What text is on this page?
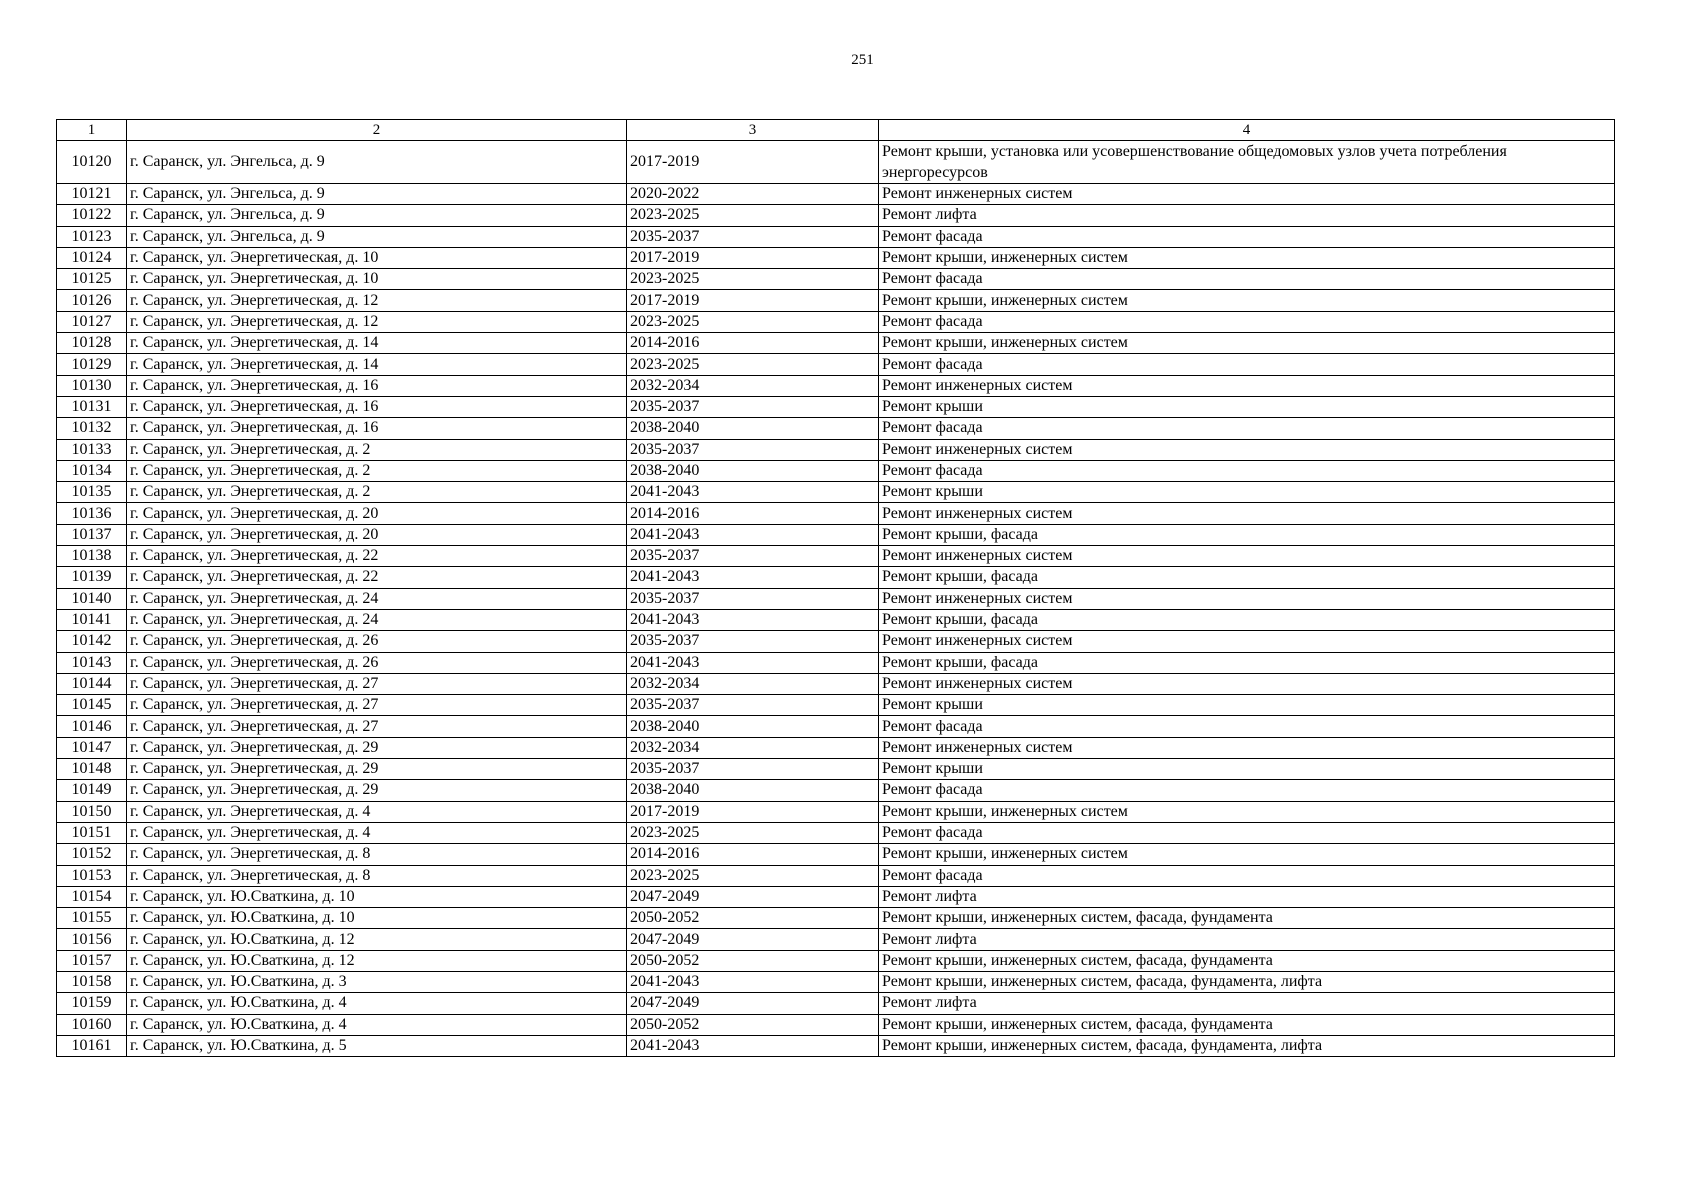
251
1	2	3	4
10120	г. Саранск, ул. Энгельса, д. 9	2017-2019	Ремонт крыши, установка или усовершенствование общедомовых узлов учета потребления энергоресурсов
10121	г. Саранск, ул. Энгельса, д. 9	2020-2022	Ремонт инженерных систем
10122	г. Саранск, ул. Энгельса, д. 9	2023-2025	Ремонт лифта
10123	г. Саранск, ул. Энгельса, д. 9	2035-2037	Ремонт фасада
10124	г. Саранск, ул. Энергетическая, д. 10	2017-2019	Ремонт крыши, инженерных систем
10125	г. Саранск, ул. Энергетическая, д. 10	2023-2025	Ремонт фасада
10126	г. Саранск, ул. Энергетическая, д. 12	2017-2019	Ремонт крыши, инженерных систем
10127	г. Саранск, ул. Энергетическая, д. 12	2023-2025	Ремонт фасада
10128	г. Саранск, ул. Энергетическая, д. 14	2014-2016	Ремонт крыши, инженерных систем
10129	г. Саранск, ул. Энергетическая, д. 14	2023-2025	Ремонт фасада
10130	г. Саранск, ул. Энергетическая, д. 16	2032-2034	Ремонт инженерных систем
10131	г. Саранск, ул. Энергетическая, д. 16	2035-2037	Ремонт крыши
10132	г. Саранск, ул. Энергетическая, д. 16	2038-2040	Ремонт фасада
10133	г. Саранск, ул. Энергетическая, д. 2	2035-2037	Ремонт инженерных систем
10134	г. Саранск, ул. Энергетическая, д. 2	2038-2040	Ремонт фасада
10135	г. Саранск, ул. Энергетическая, д. 2	2041-2043	Ремонт крыши
10136	г. Саранск, ул. Энергетическая, д. 20	2014-2016	Ремонт инженерных систем
10137	г. Саранск, ул. Энергетическая, д. 20	2041-2043	Ремонт крыши, фасада
10138	г. Саранск, ул. Энергетическая, д. 22	2035-2037	Ремонт инженерных систем
10139	г. Саранск, ул. Энергетическая, д. 22	2041-2043	Ремонт крыши, фасада
10140	г. Саранск, ул. Энергетическая, д. 24	2035-2037	Ремонт инженерных систем
10141	г. Саранск, ул. Энергетическая, д. 24	2041-2043	Ремонт крыши, фасада
10142	г. Саранск, ул. Энергетическая, д. 26	2035-2037	Ремонт инженерных систем
10143	г. Саранск, ул. Энергетическая, д. 26	2041-2043	Ремонт крыши, фасада
10144	г. Саранск, ул. Энергетическая, д. 27	2032-2034	Ремонт инженерных систем
10145	г. Саранск, ул. Энергетическая, д. 27	2035-2037	Ремонт крыши
10146	г. Саранск, ул. Энергетическая, д. 27	2038-2040	Ремонт фасада
10147	г. Саранск, ул. Энергетическая, д. 29	2032-2034	Ремонт инженерных систем
10148	г. Саранск, ул. Энергетическая, д. 29	2035-2037	Ремонт крыши
10149	г. Саранск, ул. Энергетическая, д. 29	2038-2040	Ремонт фасада
10150	г. Саранск, ул. Энергетическая, д. 4	2017-2019	Ремонт крыши, инженерных систем
10151	г. Саранск, ул. Энергетическая, д. 4	2023-2025	Ремонт фасада
10152	г. Саранск, ул. Энергетическая, д. 8	2014-2016	Ремонт крыши, инженерных систем
10153	г. Саранск, ул. Энергетическая, д. 8	2023-2025	Ремонт фасада
10154	г. Саранск, ул. Ю.Сваткина, д. 10	2047-2049	Ремонт лифта
10155	г. Саранск, ул. Ю.Сваткина, д. 10	2050-2052	Ремонт крыши, инженерных систем, фасада, фундамента
10156	г. Саранск, ул. Ю.Сваткина, д. 12	2047-2049	Ремонт лифта
10157	г. Саранск, ул. Ю.Сваткина, д. 12	2050-2052	Ремонт крыши, инженерных систем, фасада, фундамента
10158	г. Саранск, ул. Ю.Сваткина, д. 3	2041-2043	Ремонт крыши, инженерных систем, фасада, фундамента, лифта
10159	г. Саранск, ул. Ю.Сваткина, д. 4	2047-2049	Ремонт лифта
10160	г. Саранск, ул. Ю.Сваткина, д. 4	2050-2052	Ремонт крыши, инженерных систем, фасада, фундамента
10161	г. Саранск, ул. Ю.Сваткина, д. 5	2041-2043	Ремонт крыши, инженерных систем, фасада, фундамента, лифта
